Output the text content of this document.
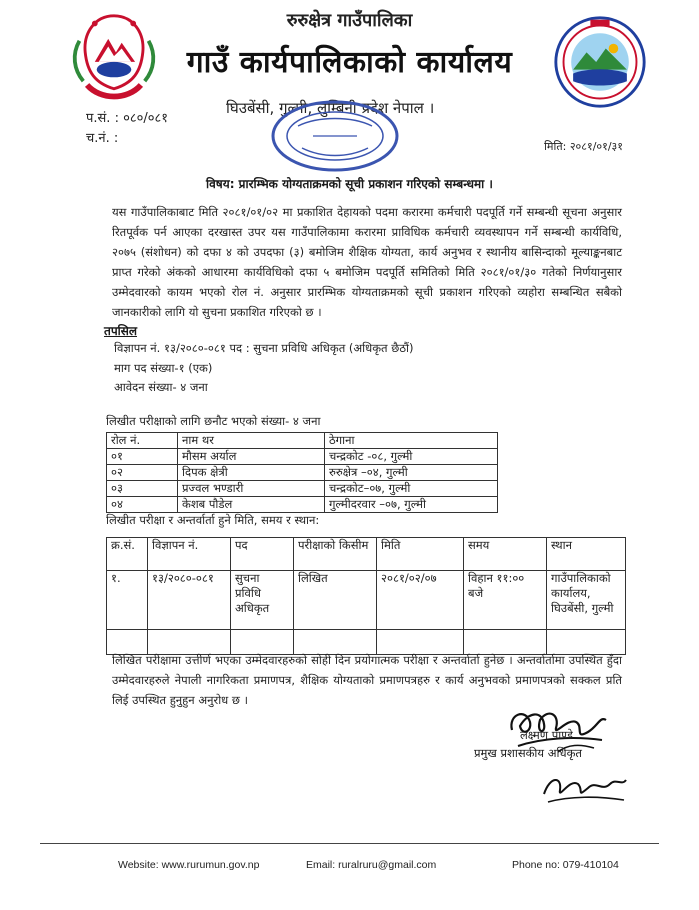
रुरुक्षेत्र गाउँपालिका
गाउँ कार्यपालिकाको कार्यालय
प.सं. : ०८०/०८१
च.नं. :
घिउबेंसी, गुल्मी, लुम्बिनी प्रदेश नेपाल ।
मिति: २०८१/०१/३१
विषय: प्रारम्भिक योग्यताक्रमको सूची प्रकाशन गरिएको सम्बन्धमा ।
यस गाउँपालिकाबाट मिति २०८१/०१/०२ मा प्रकाशित देहायको पदमा करारमा कर्मचारी पदपूर्ति गर्ने सम्बन्धी सूचना अनुसार रितपूर्वक पर्न आएका दरखास्त उपर यस गाउँपालिकामा करारमा प्राविधिक कर्मचारी व्यवस्थापन गर्ने सम्बन्धी कार्यविधि, २०७५ (संशोधन) को दफा ४ को उपदफा (३) बमोजिम शैक्षिक योग्यता, कार्य अनुभव र स्थानीय बासिन्दाको मूल्याङ्कनबाट प्राप्त गरेको अंकको आधारमा कार्यविधिको दफा ५ बमोजिम पदपूर्ति समितिको मिति २०८१/०१/३० गतेको निर्णयानुसार उम्मेदवारको कायम भएको रोल नं. अनुसार प्रारम्भिक योग्यताक्रमको सूची प्रकाशन गरिएको व्यहोरा सम्बन्धित सबैको जानकारीको लागि यो सुचना प्रकाशित गरिएको छ ।
तपसिल
विज्ञापन नं. १३/२०८०-०८१ पद : सुचना प्रविधि अधिकृत (अधिकृत छैठौं)
माग पद संख्या-१ (एक)
आवेदन संख्या- ४ जना
लिखीत परीक्षाको लागि छनौट भएको संख्या- ४ जना
रोल नं.	नाम थर	ठेगाना
०१	मौसम अर्याल	चन्द्रकोट -०८, गुल्मी
०२	दिपक क्षेत्री	रुरुक्षेत्र –०४, गुल्मी
०३	प्रज्वल भण्डारी	चन्द्रकोट–०७, गुल्मी
०४	केशब पौडेल	गुल्मीदरवार –०७, गुल्मी
लिखीत परीक्षा र अन्तर्वार्ता हुने मिति, समय र स्थान:
क्र.सं.	विज्ञापन नं.	पद	परीक्षाको किसीम	मिति	समय	स्थान
१.	१३/२०८०-०८१	सुचना प्रविधि अधिकृत	लिखित	२०८१/०२/०७	विहान ११:०० बजे	गाउँपालिकाको कार्यालय, घिउबेंसी, गुल्मी

लिखित परीक्षामा उत्तीर्ण भएका उम्मेदवारहरुको सोही दिन प्रयोगात्मक परीक्षा र अन्तर्वार्ता हुनेछ । अन्तर्वार्तामा उपस्थित हुँदा उम्मेदवारहरुले नेपाली नागरिकता प्रमाणपत्र, शैक्षिक योग्यताको प्रमाणपत्रहरु र कार्य अनुभवको प्रमाणपत्रको सक्कल प्रति लिई उपस्थित हुनुहुन अनुरोध छ ।
लक्ष्मण पाण्डे
प्रमुख प्रशासकीय अधिकृत
Website: www.rurumun.gov.np	Email: ruralruru@gmail.com	Phone no: 079-410104
